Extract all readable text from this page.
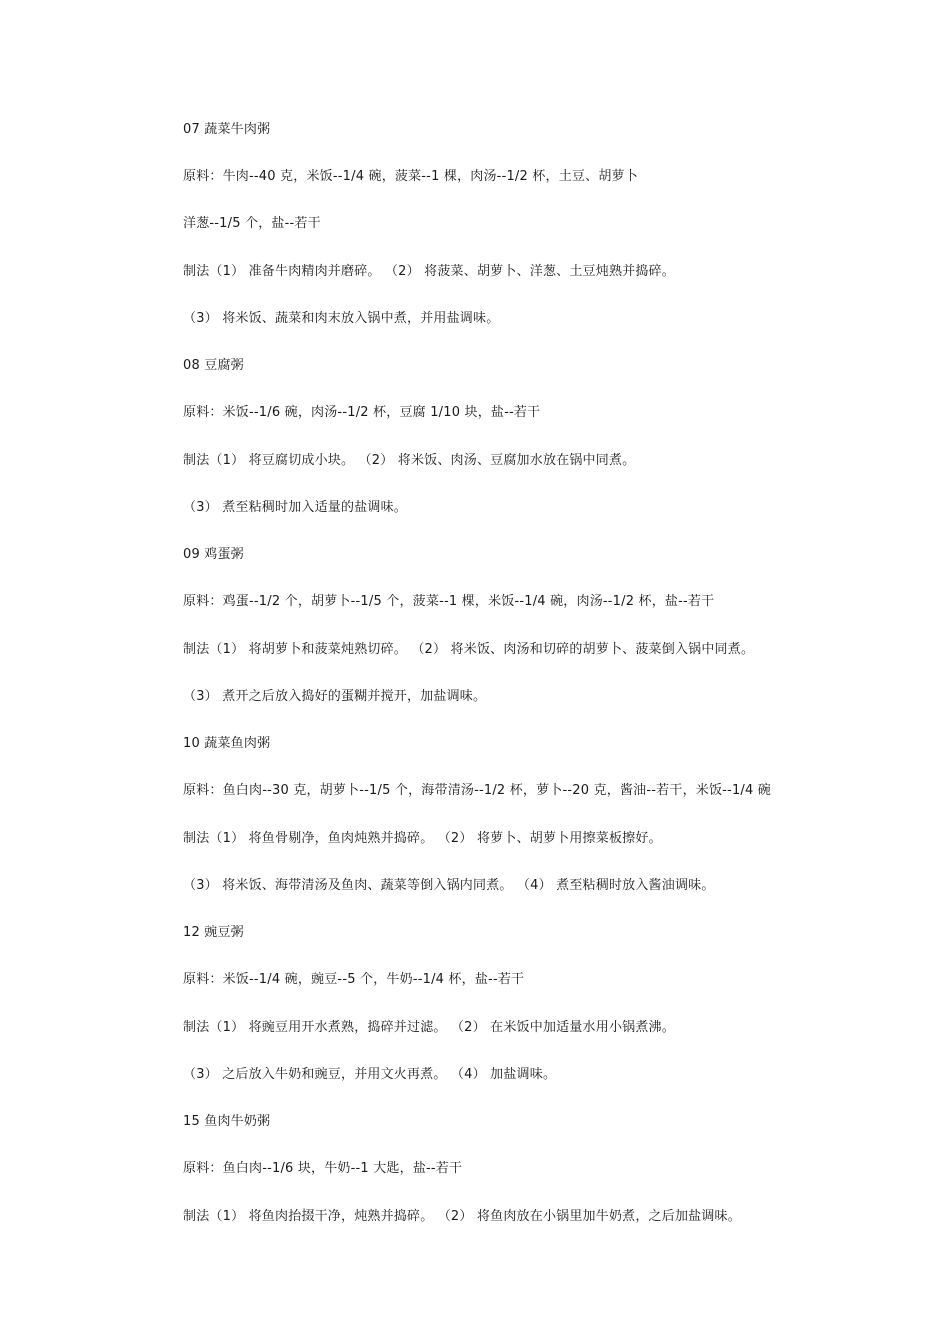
07 蔬菜牛肉粥
原料：牛肉--40 克，米饭--1/4 碗，菠菜--1 棵，肉汤--1/2 杯，土豆、胡萝卜
洋葱--1/5 个，盐--若干
制法（1） 准备牛肉精肉并磨碎。 （2） 将菠菜、胡萝卜、洋葱、土豆炖熟并捣碎。
（3） 将米饭、蔬菜和肉末放入锅中煮，并用盐调味。
08 豆腐粥
原料：米饭--1/6 碗，肉汤--1/2 杯，豆腐 1/10 块，盐--若干
制法（1） 将豆腐切成小块。 （2） 将米饭、肉汤、豆腐加水放在锅中同煮。
（3） 煮至粘稠时加入适量的盐调味。
09 鸡蛋粥
原料：鸡蛋--1/2 个，胡萝卜--1/5 个，菠菜--1 棵，米饭--1/4 碗，肉汤--1/2 杯，盐--若干
制法（1） 将胡萝卜和菠菜炖熟切碎。 （2） 将米饭、肉汤和切碎的胡萝卜、菠菜倒入锅中同煮。
（3） 煮开之后放入捣好的蛋糊并搅开，加盐调味。
10 蔬菜鱼肉粥
原料：鱼白肉--30 克，胡萝卜--1/5 个，海带清汤--1/2 杯，萝卜--20 克，酱油--若干，米饭--1/4 碗
制法（1） 将鱼骨剔净，鱼肉炖熟并捣碎。 （2） 将萝卜、胡萝卜用擦菜板擦好。
（3） 将米饭、海带清汤及鱼肉、蔬菜等倒入锅内同煮。 （4） 煮至粘稠时放入酱油调味。
12 豌豆粥
原料：米饭--1/4 碗，豌豆--5 个，牛奶--1/4 杯，盐--若干
制法（1） 将豌豆用开水煮熟，捣碎并过滤。 （2） 在米饭中加适量水用小锅煮沸。
（3） 之后放入牛奶和豌豆，并用文火再煮。 （4） 加盐调味。
15 鱼肉牛奶粥
原料：鱼白肉--1/6 块，牛奶--1 大匙，盐--若干
制法（1） 将鱼肉抬掇干净，炖熟并捣碎。 （2） 将鱼肉放在小锅里加牛奶煮，之后加盐调味。
